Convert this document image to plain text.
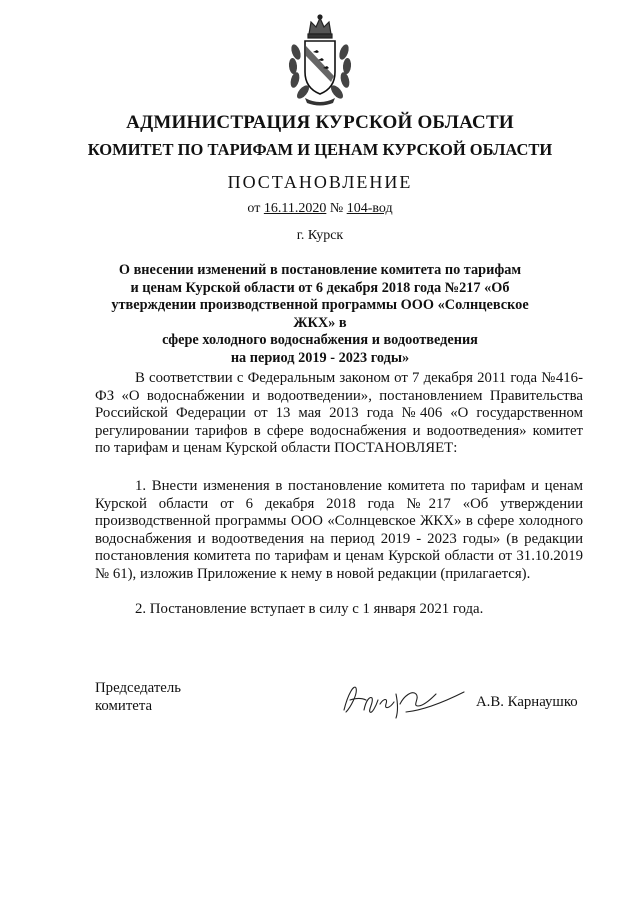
АДМИНИСТРАЦИЯ КУРСКОЙ ОБЛАСТИ
КОМИТЕТ ПО ТАРИФАМ И ЦЕНАМ КУРСКОЙ ОБЛАСТИ
ПОСТАНОВЛЕНИЕ
от 16.11.2020 № 104-вод
г. Курск
О внесении изменений в постановление комитета по тарифам
и ценам Курской области от 6 декабря 2018 года №217 «Об
утверждении производственной программы ООО «Солнцевское ЖКХ» в
сфере холодного водоснабжения и водоотведения
на период 2019 - 2023 годы»
В соответствии с Федеральным законом от 7 декабря 2011 года №416-ФЗ «О водоснабжении и водоотведении», постановлением Правительства Российской Федерации от 13 мая 2013 года №406 «О государственном регулировании тарифов в сфере водоснабжения и водоотведения» комитет по тарифам и ценам Курской области ПОСТАНОВЛЯЕТ:
1. Внести изменения в постановление комитета по тарифам и ценам Курской области от 6 декабря 2018 года №217 «Об утверждении производственной программы ООО «Солнцевское ЖКХ» в сфере холодного водоснабжения и водоотведения на период 2019 - 2023 годы» (в редакции постановления комитета по тарифам и ценам Курской области от 31.10.2019 № 61), изложив Приложение к нему в новой редакции (прилагается).
2. Постановление вступает в силу с 1 января 2021 года.
Председатель
комитета	А.В. Карнаушко
